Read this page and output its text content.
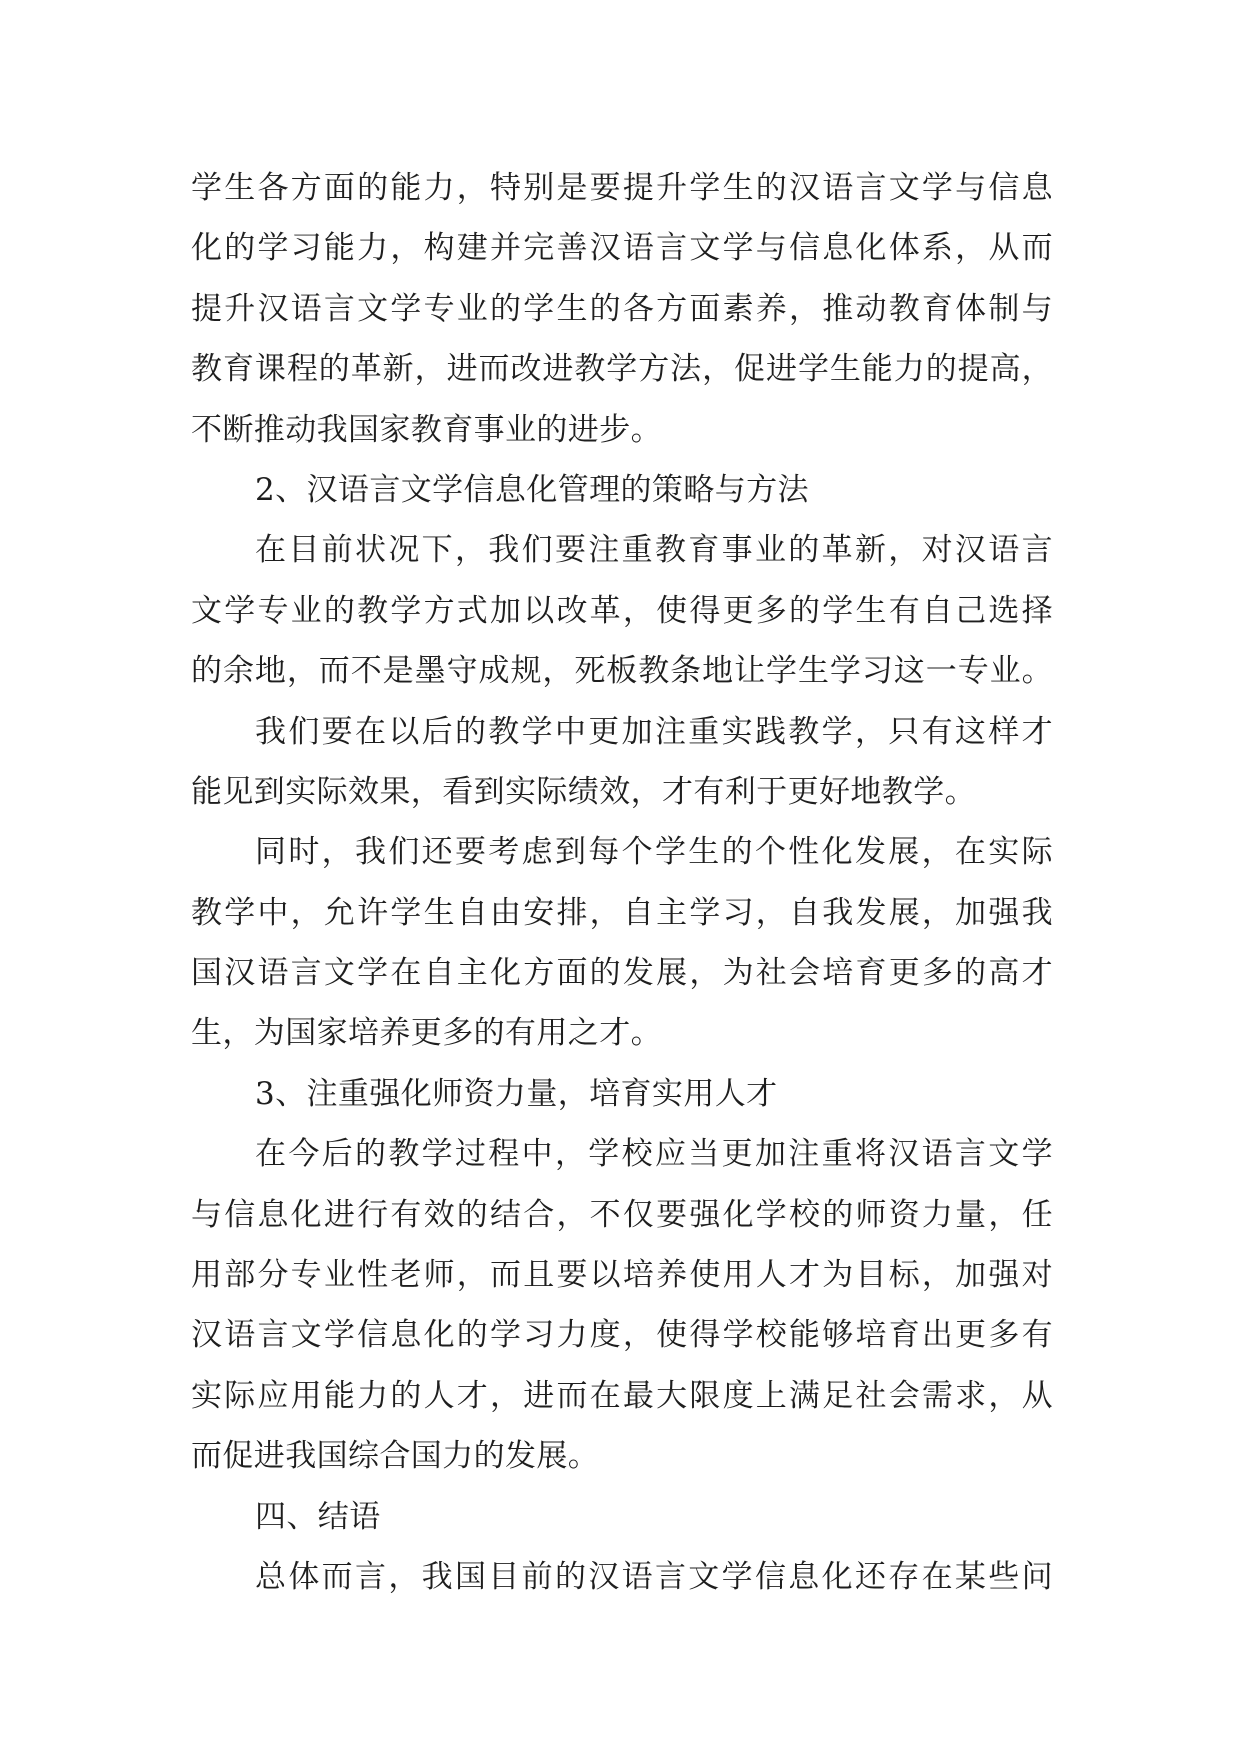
学生各方面的能力，特别是要提升学生的汉语言文学与信息
化的学习能力，构建并完善汉语言文学与信息化体系，从而
提升汉语言文学专业的学生的各方面素养，推动教育体制与
教育课程的革新，进而改进教学方法，促进学生能力的提高，
不断推动我国家教育事业的进步。
2、汉语言文学信息化管理的策略与方法
在目前状况下，我们要注重教育事业的革新，对汉语言
文学专业的教学方式加以改革，使得更多的学生有自己选择
的余地，而不是墨守成规，死板教条地让学生学习这一专业。
我们要在以后的教学中更加注重实践教学，只有这样才
能见到实际效果，看到实际绩效，才有利于更好地教学。
同时，我们还要考虑到每个学生的个性化发展，在实际
教学中，允许学生自由安排，自主学习，自我发展，加强我
国汉语言文学在自主化方面的发展，为社会培育更多的高才
生，为国家培养更多的有用之才。
3、注重强化师资力量，培育实用人才
在今后的教学过程中，学校应当更加注重将汉语言文学
与信息化进行有效的结合，不仅要强化学校的师资力量，任
用部分专业性老师，而且要以培养使用人才为目标，加强对
汉语言文学信息化的学习力度，使得学校能够培育出更多有
实际应用能力的人才，进而在最大限度上满足社会需求，从
而促进我国综合国力的发展。
四、结语
总体而言，我国目前的汉语言文学信息化还存在某些问
